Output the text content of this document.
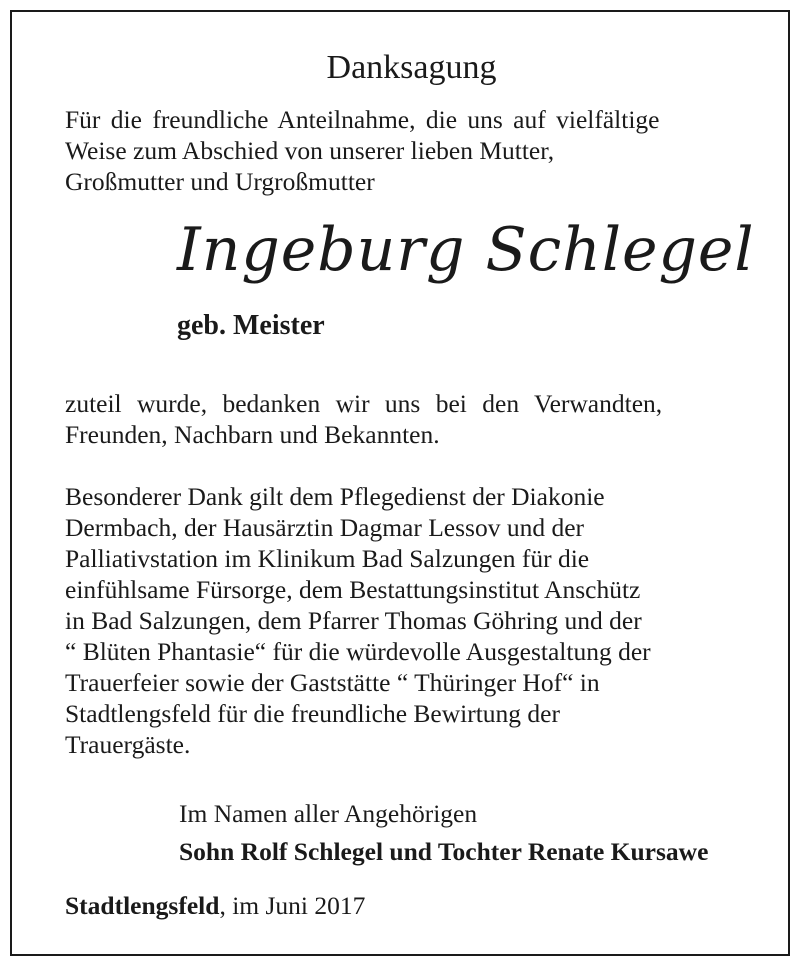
Danksagung
Für die freundliche Anteilnahme, die uns auf vielfältige
Weise zum Abschied von unserer lieben Mutter,
Großmutter und Urgroßmutter
Ingeburg Schlegel
geb. Meister
zuteil wurde, bedanken wir uns bei den Verwandten,
Freunden, Nachbarn und Bekannten.
Besonderer Dank gilt dem Pflegedienst der Diakonie
Dermbach, der Hausärztin Dagmar Lessov und der
Palliativstation im Klinikum Bad Salzungen für die
einfühlsame Fürsorge, dem Bestattungsinstitut Anschütz
in Bad Salzungen, dem Pfarrer Thomas Göhring und der
“ Blüten Phantasie“ für die würdevolle Ausgestaltung der
Trauerfeier sowie der Gaststätte “ Thüringer Hof“ in
Stadtlengsfeld für die freundliche Bewirtung der
Trauergäste.
Im Namen aller Angehörigen
Sohn Rolf Schlegel und Tochter Renate Kursawe
Stadtlengsfeld, im Juni 2017
